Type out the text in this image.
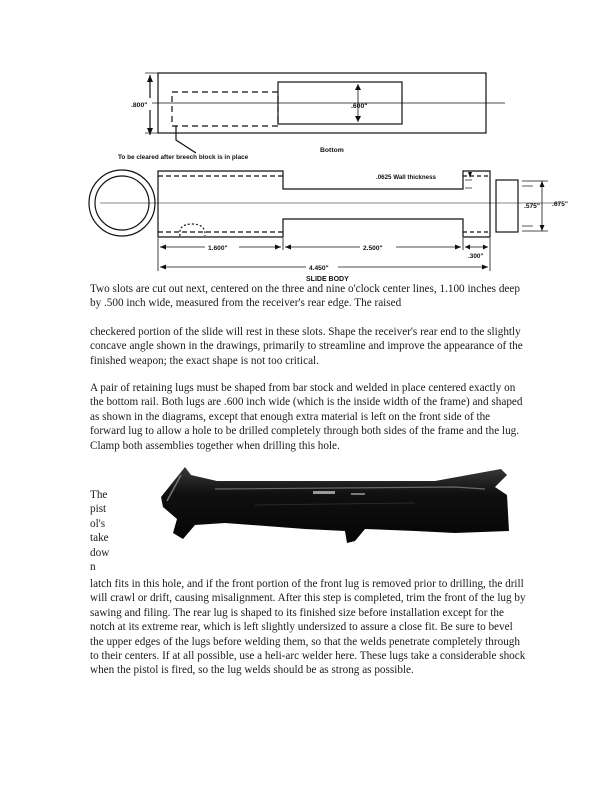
.800"	.600"
Bottom
To be cleared after breech block is in place
.0625 Wall thickness
1.600"	2.500"
.300"
4.450"
.575" .675"
SLIDE BODY

Two slots are cut out next, centered on the three and nine o'clock center lines, 1.100 inches deep by .500 inch wide, measured from the receiver's rear edge. The raised

checkered portion of the slide will rest in these slots. Shape the receiver's rear end to the slightly concave angle shown in the drawings, primarily to streamline and improve the appearance of the finished weapon; the exact shape is not too critical.

A pair of retaining lugs must be shaped from bar stock and welded in place centered exactly on the bottom rail. Both lugs are .600 inch wide (which is the inside width of the frame) and shaped as shown in the diagrams, except that enough extra material is left on the front side of the forward lug to allow a hole to be drilled completely through both sides of the frame and the lug. Clamp both assemblies together when drilling this hole.

The
pist
ol's
take
dow
n

latch fits in this hole, and if the front portion of the front lug is removed prior to drilling, the drill will crawl or drift, causing misalignment. After this step is completed, trim the front of the lug by sawing and filing. The rear lug is shaped to its finished size before installation except for the notch at its extreme rear, which is left slightly undersized to assure a close fit. Be sure to bevel the upper edges of the lugs before welding them, so that the welds penetrate completely through to their centers. If at all possible, use a heli-arc welder here. These lugs take a considerable shock when the pistol is fired, so the lug welds should be as strong as possible.
